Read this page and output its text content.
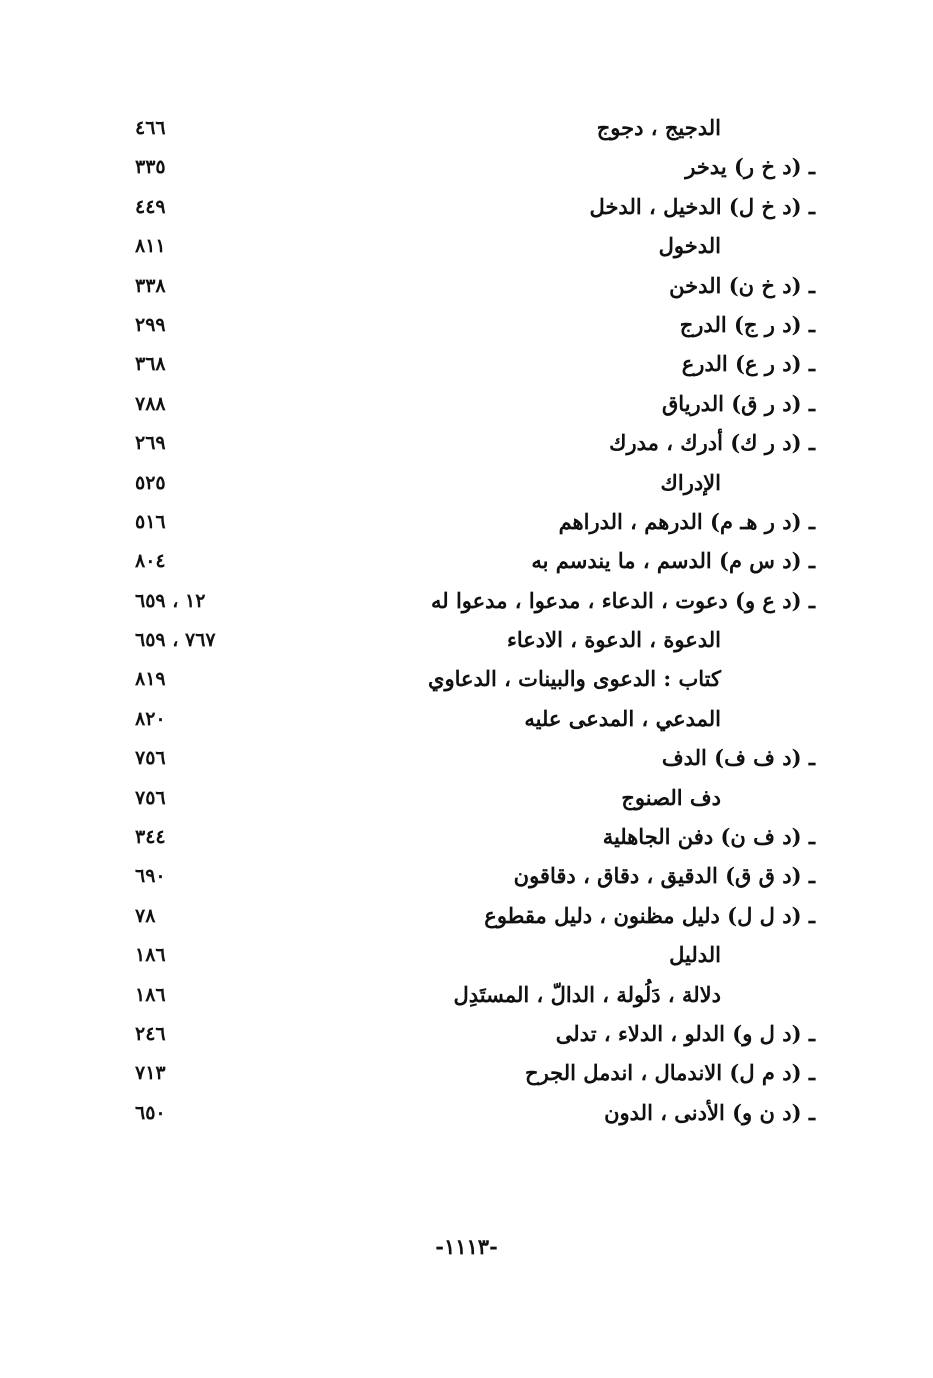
الدجيج ، دجوج
٤٦٦
ـ (د خ ر) يدخر
٣٣٥
ـ (د خ ل) الدخيل ، الدخل
٤٤٩
الدخول
٨١١
ـ (د خ ن) الدخن
٣٣٨
ـ (د ر ج) الدرج
٢٩٩
ـ (د ر ع) الدرع
٣٦٨
ـ (د ر ق) الدرياق
٧٨٨
ـ (د ر ك) أدرك ، مدرك
٢٦٩
الإدراك
٥٢٥
ـ (د ر هـ م) الدرهم ، الدراهم
٥١٦
ـ (د س م) الدسم ، ما يندسم به
٨٠٤
ـ (د ع و) دعوت ، الدعاء ، مدعوا ، مدعوا له
١٢ ، ٦٥٩
الدعوة ، الدعوة ، الادعاء
٧٦٧ ، ٦٥٩
كتاب : الدعوى والبينات ، الدعاوي
٨١٩
المدعي ، المدعى عليه
٨٢٠
ـ (د ف ف) الدف
٧٥٦
دف الصنوج
٧٥٦
ـ (د ف ن) دفن الجاهلية
٣٤٤
ـ (د ق ق) الدقيق ، دقاق ، دقاقون
٦٩٠
ـ (د ل ل) دليل مظنون ، دليل مقطوع
٧٨
الدليل
١٨٦
دلالة ، دَلُولة ، الدالّ ، المستَدِل
١٨٦
ـ (د ل و) الدلو ، الدلاء ، تدلى
٢٤٦
ـ (د م ل) الاندمال ، اندمل الجرح
٧١٣
ـ (د ن و) الأدنى ، الدون
٦٥٠
-١١١٣-
